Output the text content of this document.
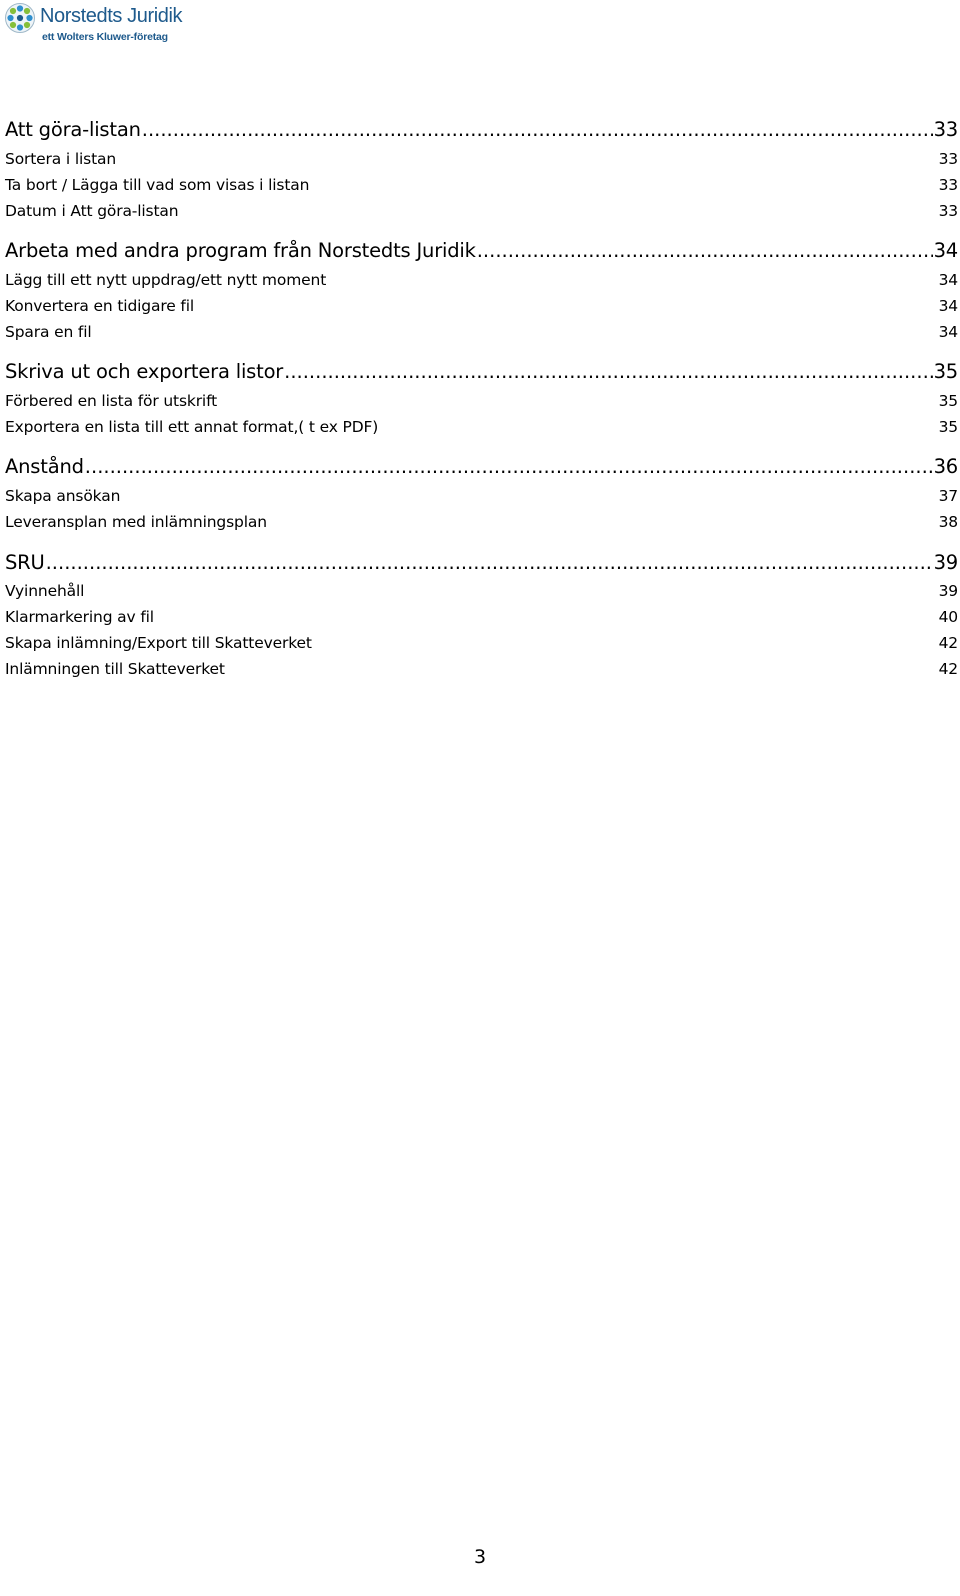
Norstedts Juridik
ett Wolters Kluwer-företag
Att göra-listan .....	33
Sortera i listan	33
Ta bort / Lägga till vad som visas i listan	33
Datum i Att göra-listan	33
Arbeta med andra program från Norstedts Juridik .....	34
Lägg till ett nytt uppdrag/ett nytt moment	34
Konvertera en tidigare fil	34
Spara en fil	34
Skriva ut och exportera listor .....	35
Förbered en lista för utskrift	35
Exportera en lista till ett annat format,( t ex PDF)	35
Anstånd .....	36
Skapa ansökan	37
Leveransplan med inlämningsplan	38
SRU .....	39
Vyinnehåll	39
Klarmarkering av fil	40
Skapa inlämning/Export till Skatteverket	42
Inlämningen till Skatteverket	42
3
